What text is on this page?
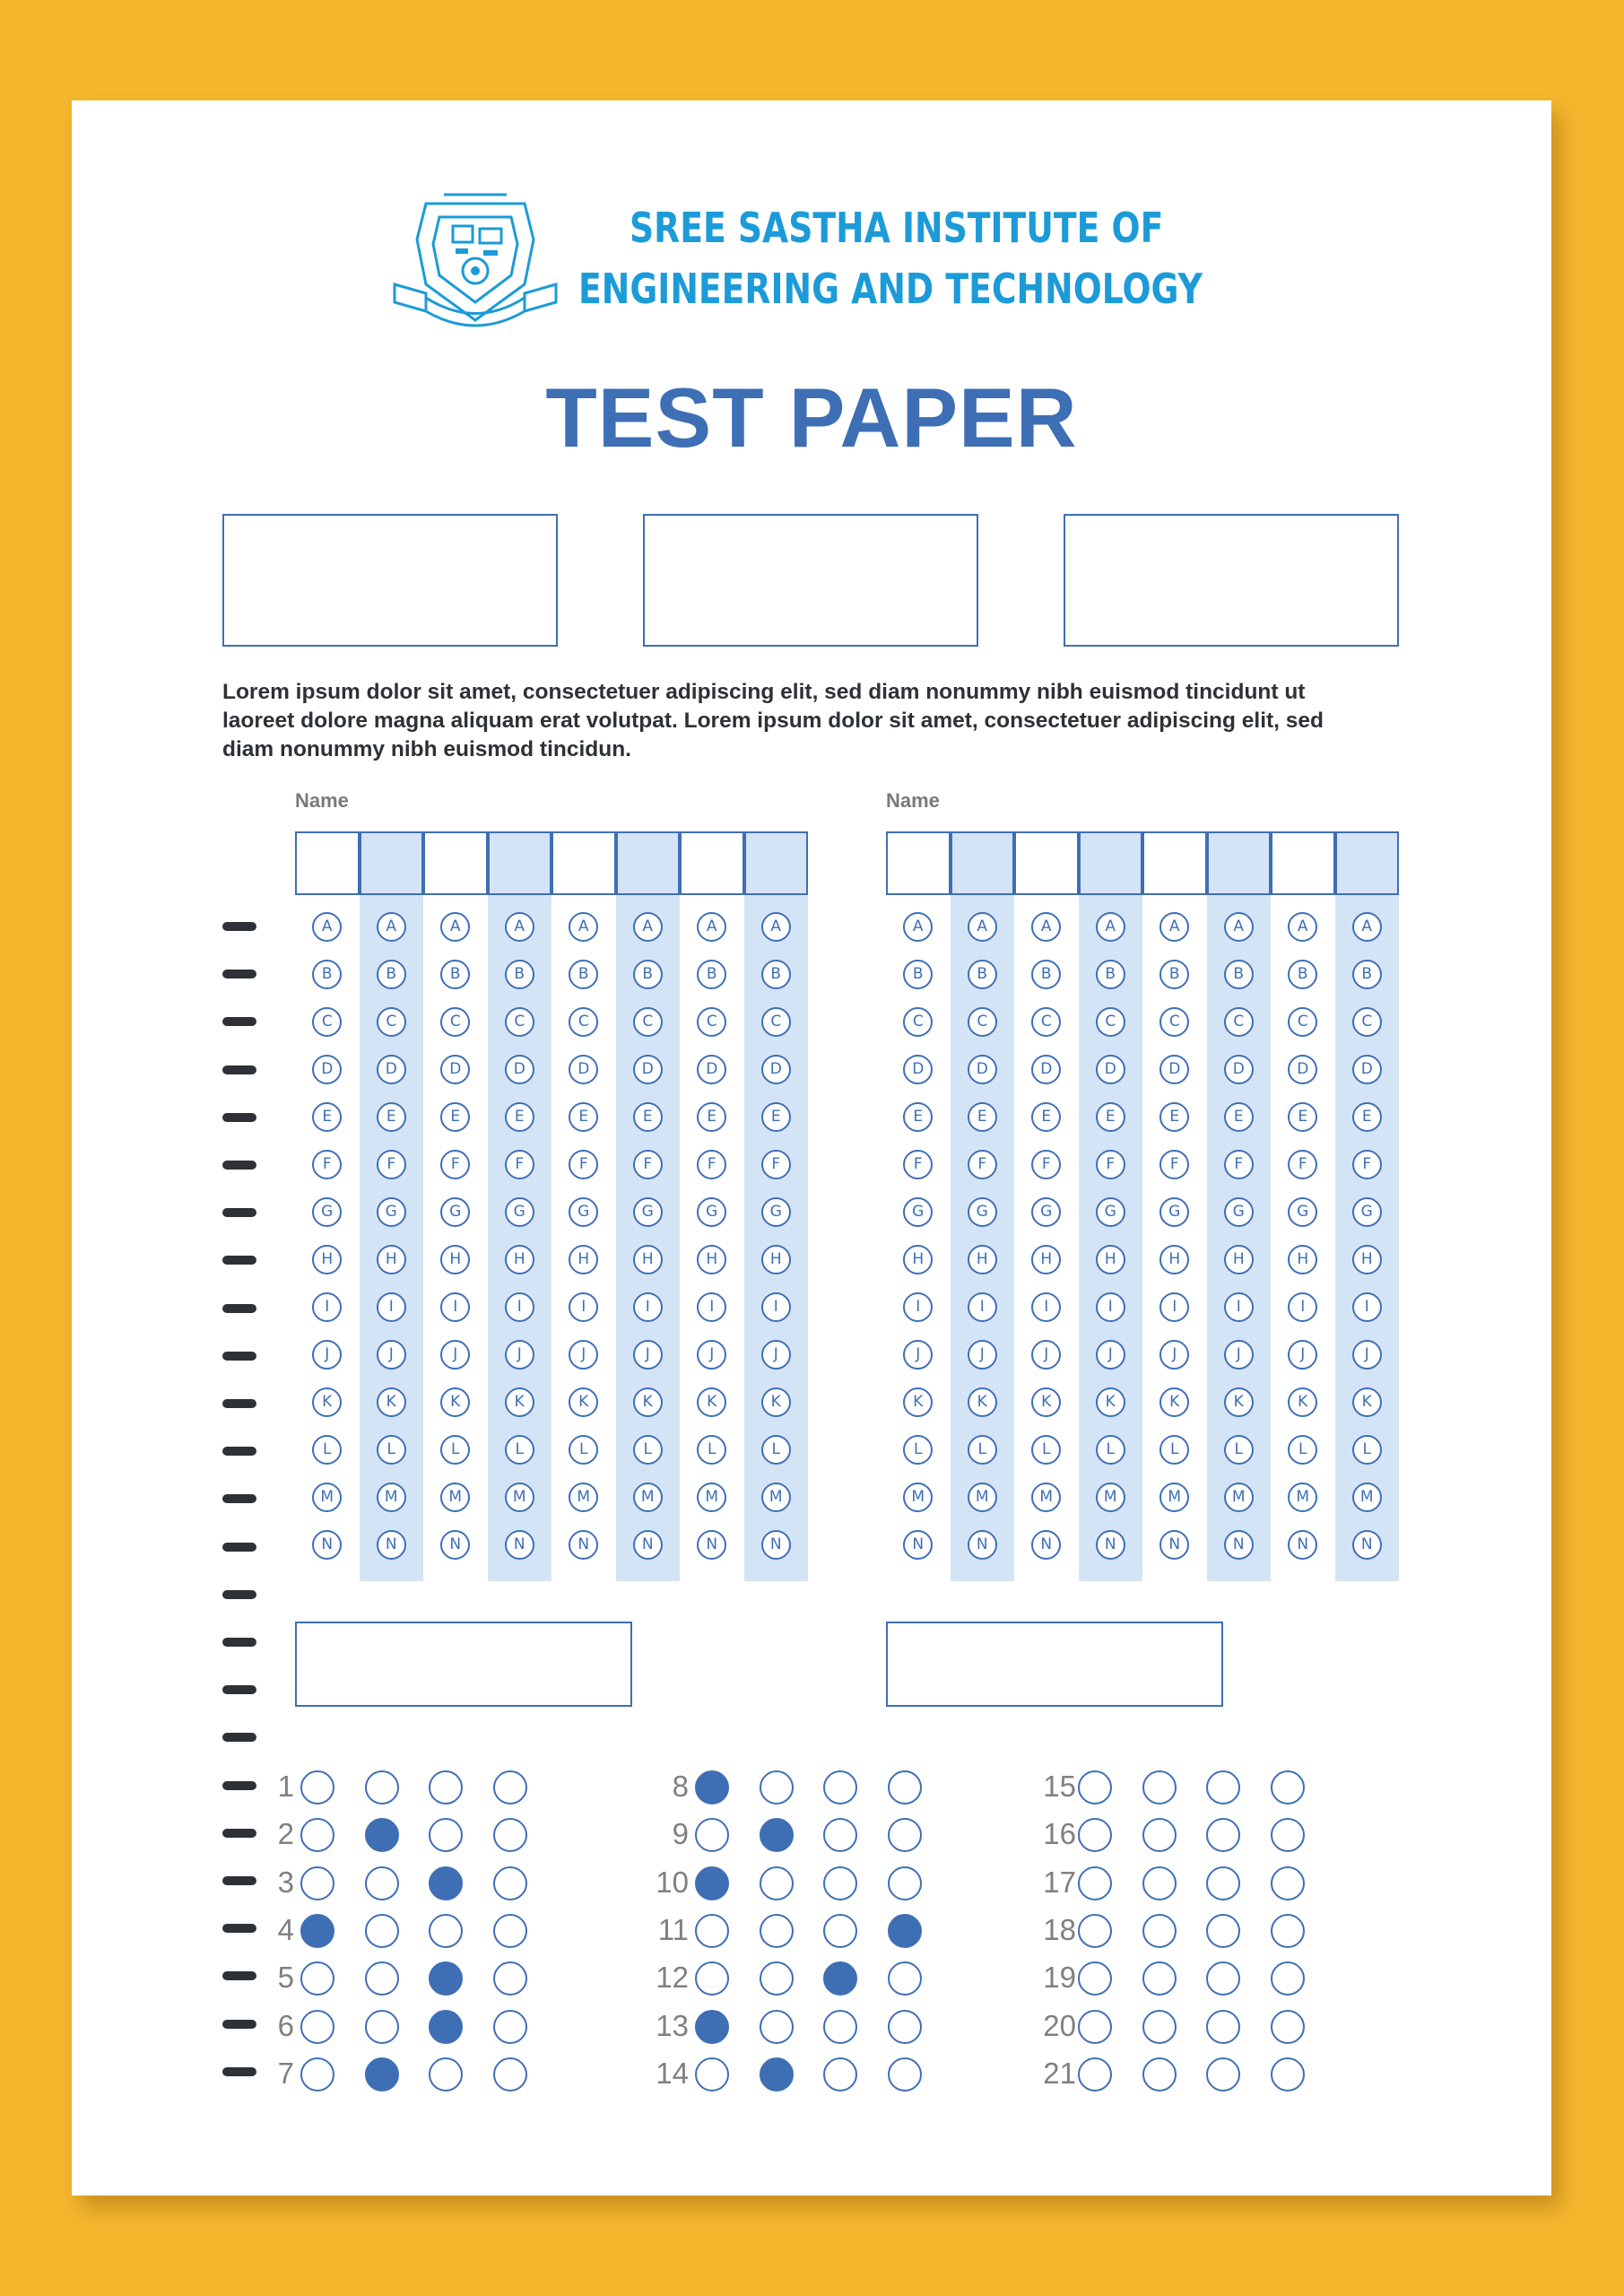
SREE SASTHA INSTITUTE OF
ENGINEERING AND TECHNOLOGY
TEST PAPER
Lorem ipsum dolor sit amet, consectetuer adipiscing elit, sed diam nonummy nibh euismod tincidunt ut laoreet dolore magna aliquam erat volutpat. Lorem ipsum dolor sit amet, consectetuer adipiscing elit, sed diam nonummy nibh euismod tincidun.
Name	Name
A
B
C
D
E
F
G
H
I
J
K
L
M
N
A
B
C
D
E
F
G
H
I
J
K
L
M
N
A
B
C
D
E
F
G
H
I
J
K
L
M
N
A
B
C
D
E
F
G
H
I
J
K
L
M
N
A
B
C
D
E
F
G
H
I
J
K
L
M
N
A
B
C
D
E
F
G
H
I
J
K
L
M
N
A
B
C
D
E
F
G
H
I
J
K
L
M
N
A
B
C
D
E
F
G
H
I
J
K
L
M
N
A
B
C
D
E
F
G
H
I
J
K
L
M
N
A
B
C
D
E
F
G
H
I
J
K
L
M
N
A
B
C
D
E
F
G
H
I
J
K
L
M
N
A
B
C
D
E
F
G
H
I
J
K
L
M
N
A
B
C
D
E
F
G
H
I
J
K
L
M
N
A
B
C
D
E
F
G
H
I
J
K
L
M
N
A
B
C
D
E
F
G
H
I
J
K
L
M
N
A
B
C
D
E
F
G
H
I
J
K
L
M
N
1
2
3
4
5
6
7
8
9
10
11
12
13
14
15
16
17
18
19
20
21
